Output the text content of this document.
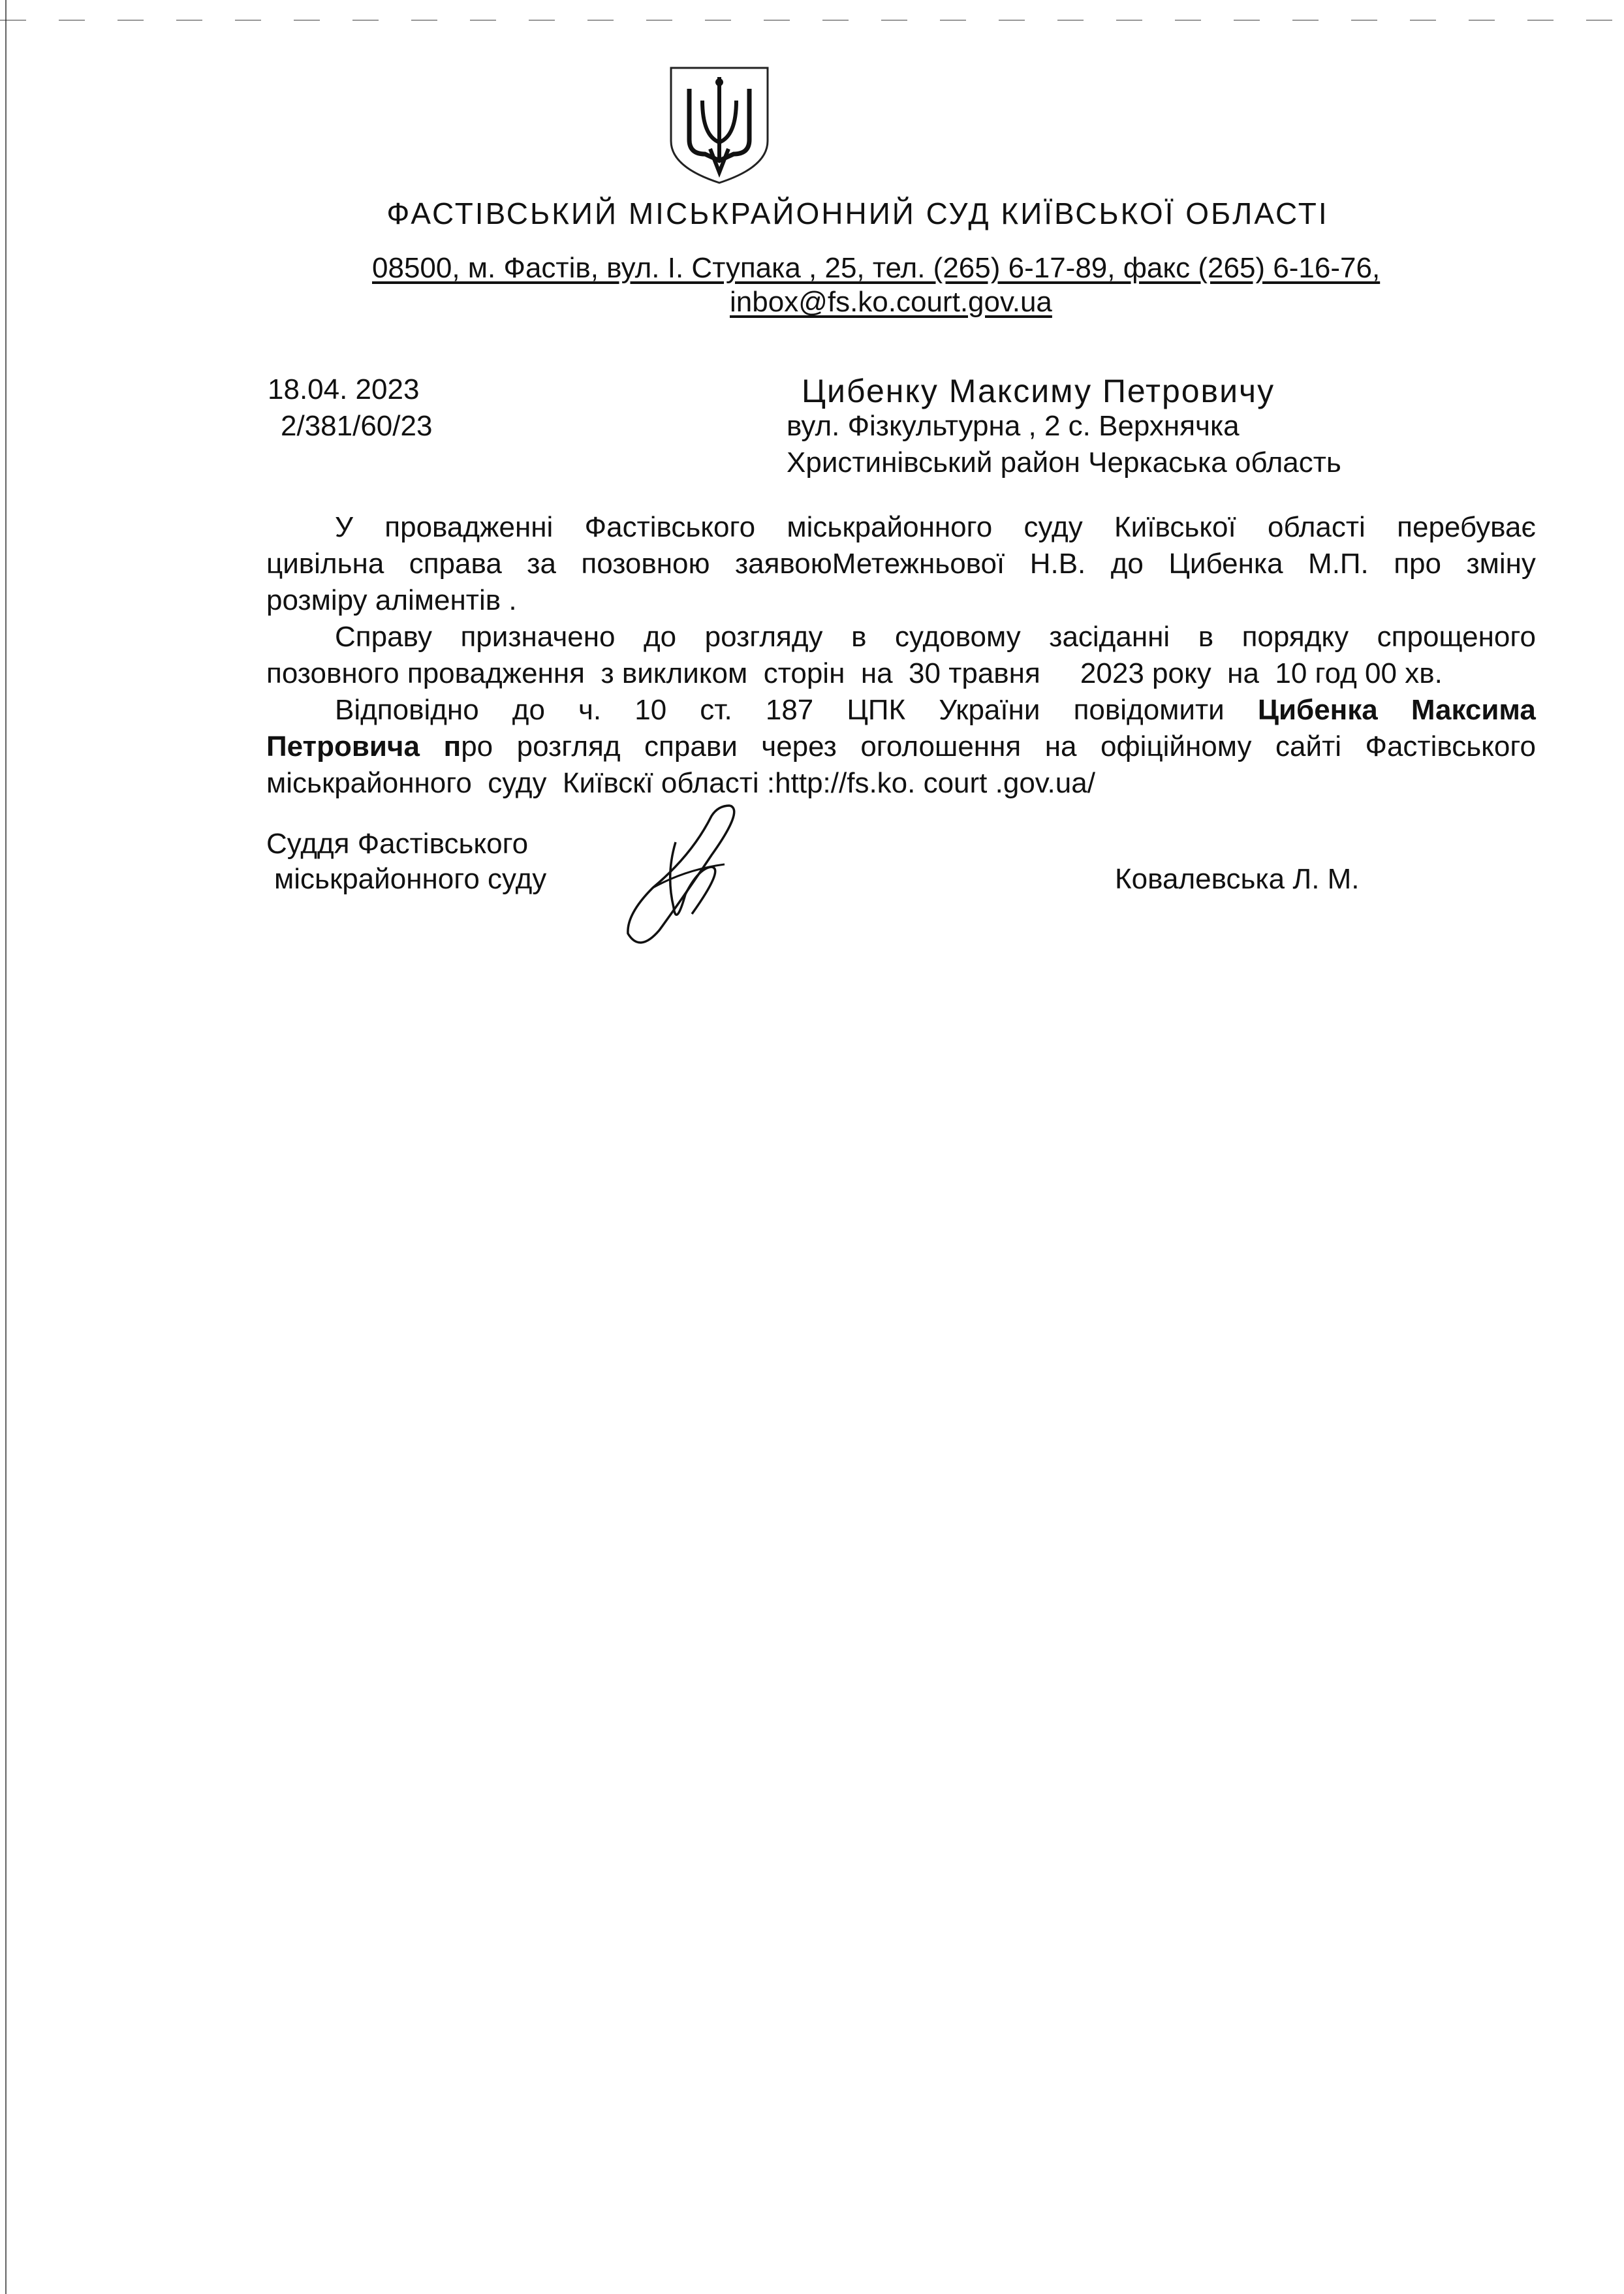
ФАСТІВСЬКИЙ МІСЬКРАЙОННИЙ СУД КИЇВСЬКОЇ ОБЛАСТІ
08500, м. Фастів, вул. І. Ступака , 25, тел. (265) 6-17-89, факс (265) 6-16-76,
inbox@fs.ko.court.gov.ua
18.04. 2023
2/381/60/23
Цибенку Максиму Петровичу
вул. Фізкультурна , 2 с. Верхнячка
Христинівський район Черкаська область
У провадженні Фастівського міськрайонного суду Київської області перебуває
цивільна справа за позовною заявоюМетежньової Н.В. до Цибенка М.П. про зміну
розміру аліментів .
Справу призначено до розгляду в судовому засіданні в порядку спрощеного
позовного провадження  з викликом  сторін  на  30 травня     2023 року  на  10 год 00 хв.
Відповідно до ч. 10 ст. 187 ЦПК України повідомити Цибенка Максима
Петровича про розгляд справи через оголошення на офіційному сайті Фастівського
міськрайонного  суду  Київскї області :http://fs.ko. court .gov.ua/
Суддя Фастівського
міськрайонного суду	Ковалевська Л. М.
